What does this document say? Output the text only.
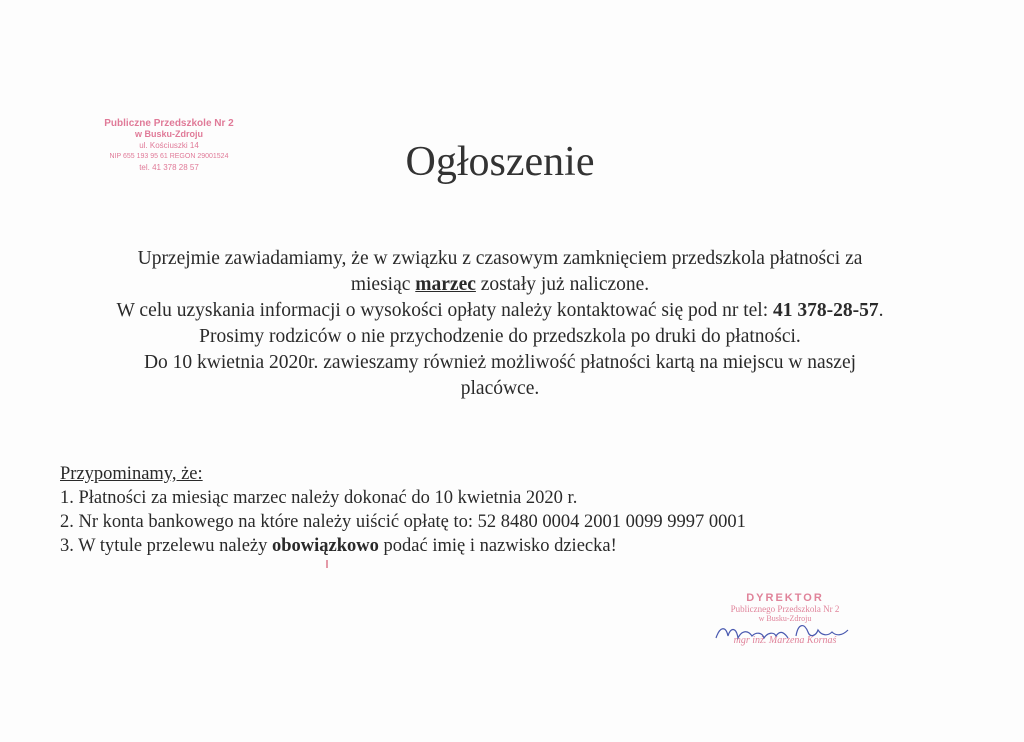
Publiczne Przedszkole Nr 2
w Busku-Zdroju
ul. Kościuszki 14
NIP 655 193 95 61 REGON 29001524
tel. 41 378 28 57	Ogłoszenie

Uprzejmie zawiadamiamy, że w związku z czasowym zamknięciem przedszkola płatności za

miesiąc marzec zostały już naliczone.

W celu uzyskania informacji o wysokości opłaty należy kontaktować się pod nr tel: 41 378-28-57.

Prosimy rodziców o nie przychodzenie do przedszkola po druki do płatności.

Do 10 kwietnia 2020r. zawieszamy również możliwość płatności kartą na miejscu w naszej

placówce.

Przypominamy, że:

1. Płatności za miesiąc marzec należy dokonać do 10 kwietnia 2020 r.

2. Nr konta bankowego na które należy uiścić opłatę to: 52 8480 0004 2001 0099 9997 0001

3. W tytule przelewu należy obowiązkowo podać imię i nazwisko dziecka!

DYREKTOR
Publicznego Przedszkola Nr 2
w Busku-Zdroju
mgr inż. Marzena Kornaś
